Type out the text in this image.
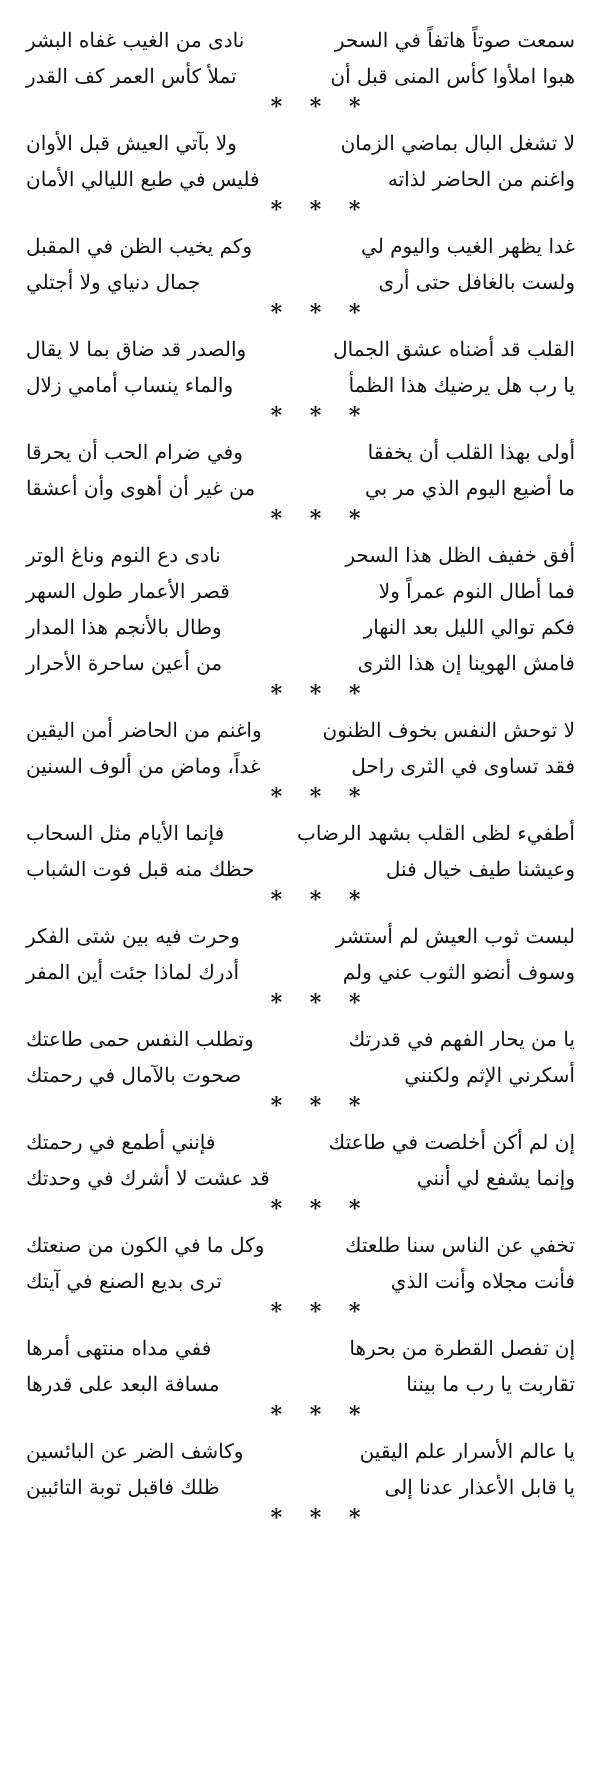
سمعت صوتاً هاتفاً في السحر
نادى من الغيب غفاه البشر
هبوا املأوا كأس المنى قبل أن
تملأ كأس العمر كف القدر
* * *
لا تشغل البال بماضي الزمان
ولا بآتي العيش قبل الأوان
واغنم من الحاضر لذاته
فليس في طبع الليالي الأمان
* * *
غدا يظهر الغيب واليوم لي
وكم يخيب الظن في المقبل
ولست بالغافل حتى أرى
جمال دنياي ولا أجتلي
* * *
القلب قد أضناه عشق الجمال
والصدر قد ضاق بما لا يقال
يا رب هل يرضيك هذا الظمأ
والماء ينساب أمامي زلال
* * *
أولى بهذا القلب أن يخفقا
وفي ضرام الحب أن يحرقا
ما أضيع اليوم الذي مر بي
من غير أن أهوى وأن أعشقا
* * *
أفق خفيف الظل هذا السحر
نادى دع النوم وناغ الوتر
فما أطال النوم عمراً ولا
قصر الأعمار طول السهر
فكم توالي الليل بعد النهار
وطال بالأنجم هذا المدار
فامش الهوينا إن هذا الثرى
من أعين ساحرة الأحرار
* * *
لا توحش النفس بخوف الظنون
واغنم من الحاضر أمن اليقين
فقد تساوى في الثرى راحل
غداً، وماض من ألوف السنين
* * *
أطفيء لظى القلب بشهد الرضاب
فإنما الأيام مثل السحاب
وعيشنا طيف خيال فنل
حظك منه قبل فوت الشباب
* * *
لبست ثوب العيش لم أستشر
وحرت فيه بين شتى الفكر
وسوف أنضو الثوب عني ولم
أدرك لماذا جئت أين المفر
* * *
يا من يحار الفهم في قدرتك
وتطلب النفس حمى طاعتك
أسكرني الإثم ولكنني
صحوت بالآمال في رحمتك
* * *
إن لم أكن أخلصت في طاعتك
فإنني أطمع في رحمتك
وإنما يشفع لي أنني
قد عشت لا أشرك في وحدتك
* * *
تخفي عن الناس سنا طلعتك
وكل ما في الكون من صنعتك
فأنت مجلاه وأنت الذي
ترى بديع الصنع في آيتك
* * *
إن تفصل القطرة من بحرها
ففي مداه منتهى أمرها
تقاربت يا رب ما بيننا
مسافة البعد على قدرها
* * *
يا عالم الأسرار علم اليقين
وكاشف الضر عن البائسين
يا قابل الأعذار عدنا إلى
ظلك فاقبل توبة التائبين
* * *
